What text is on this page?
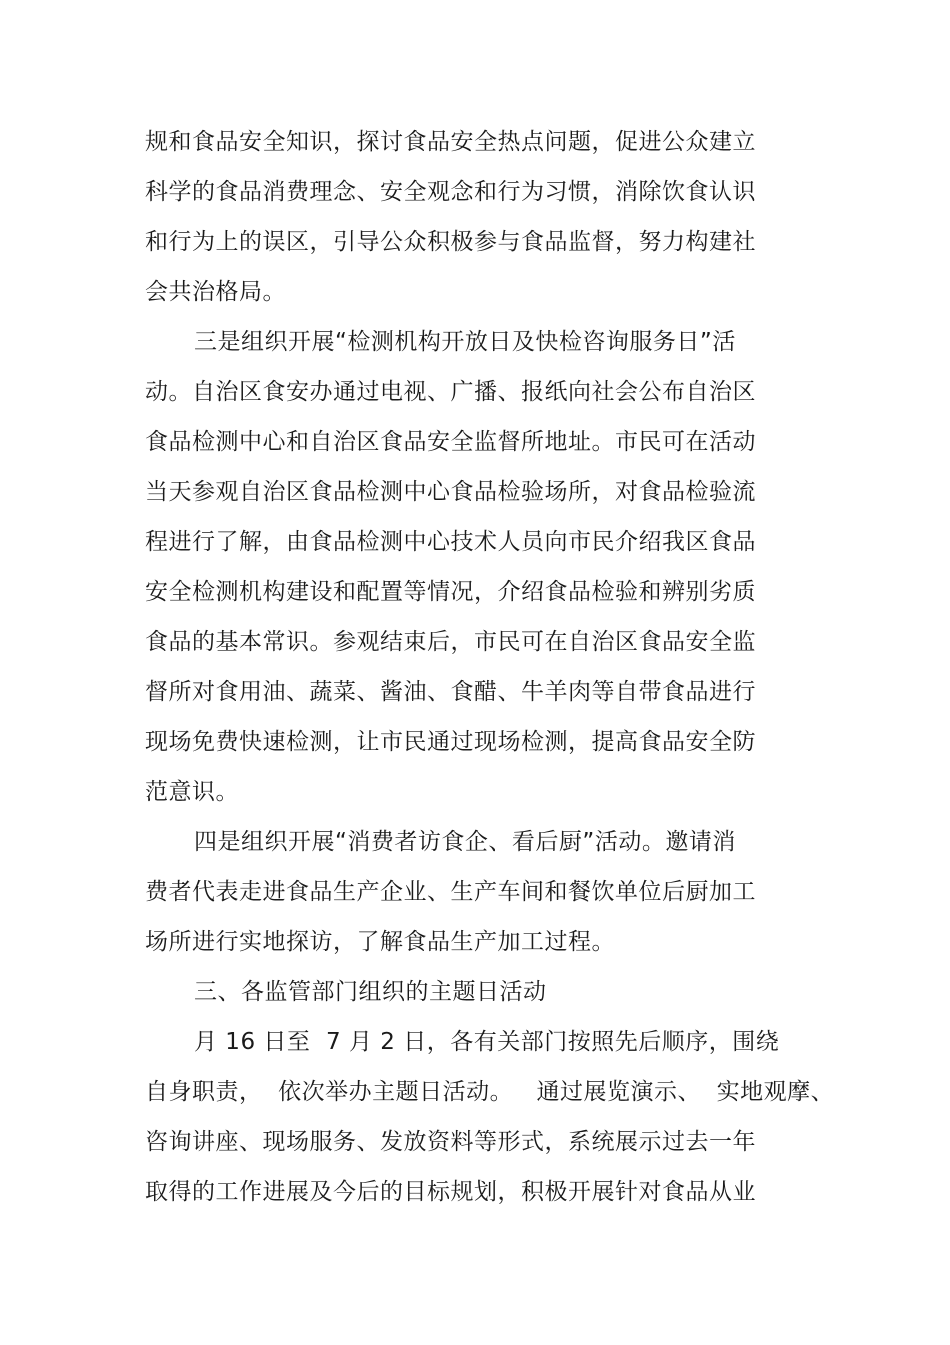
规和食品安全知识，探讨食品安全热点问题，促进公众建立
科学的食品消费理念、安全观念和行为习惯，消除饮食认识
和行为上的误区，引导公众积极参与食品监督，努力构建社
会共治格局。
三是组织开展“检测机构开放日及快检咨询服务日”活
动。自治区食安办通过电视、广播、报纸向社会公布自治区
食品检测中心和自治区食品安全监督所地址。市民可在活动
当天参观自治区食品检测中心食品检验场所，对食品检验流
程进行了解，由食品检测中心技术人员向市民介绍我区食品
安全检测机构建设和配置等情况，介绍食品检验和辨别劣质
食品的基本常识。参观结束后，市民可在自治区食品安全监
督所对食用油、蔬菜、酱油、食醋、牛羊肉等自带食品进行
现场免费快速检测，让市民通过现场检测，提高食品安全防
范意识。
四是组织开展“消费者访食企、看后厨”活动。邀请消
费者代表走进食品生产企业、生产车间和餐饮单位后厨加工
场所进行实地探访，了解食品生产加工过程。
三、各监管部门组织的主题日活动
月 16 日至  7 月 2 日，各有关部门按照先后顺序，围绕
自身职责，  依次举办主题日活动。   通过展览演示、  实地观摩、
咨询讲座、现场服务、发放资料等形式，系统展示过去一年
取得的工作进展及今后的目标规划，积极开展针对食品从业
